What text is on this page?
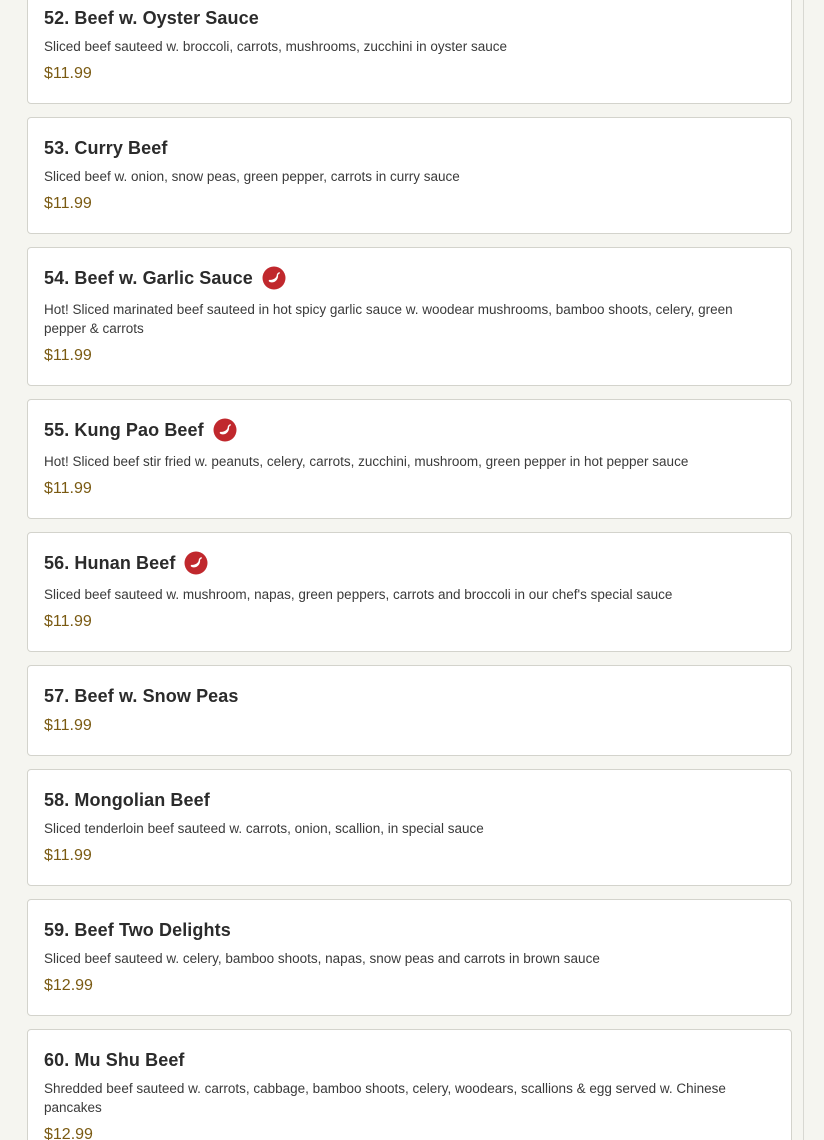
52. Beef w. Oyster Sauce
Sliced beef sauteed w. broccoli, carrots, mushrooms, zucchini in oyster sauce
$11.99
53. Curry Beef
Sliced beef w. onion, snow peas, green pepper, carrots in curry sauce
$11.99
54. Beef w. Garlic Sauce
Hot! Sliced marinated beef sauteed in hot spicy garlic sauce w. woodear mushrooms, bamboo shoots, celery, green pepper & carrots
$11.99
55. Kung Pao Beef
Hot! Sliced beef stir fried w. peanuts, celery, carrots, zucchini, mushroom, green pepper in hot pepper sauce
$11.99
56. Hunan Beef
Sliced beef sauteed w. mushroom, napas, green peppers, carrots and broccoli in our chef's special sauce
$11.99
57. Beef w. Snow Peas
$11.99
58. Mongolian Beef
Sliced tenderloin beef sauteed w. carrots, onion, scallion, in special sauce
$11.99
59. Beef Two Delights
Sliced beef sauteed w. celery, bamboo shoots, napas, snow peas and carrots in brown sauce
$12.99
60. Mu Shu Beef
Shredded beef sauteed w. carrots, cabbage, bamboo shoots, celery, woodears, scallions & egg served w. Chinese pancakes
$12.99
